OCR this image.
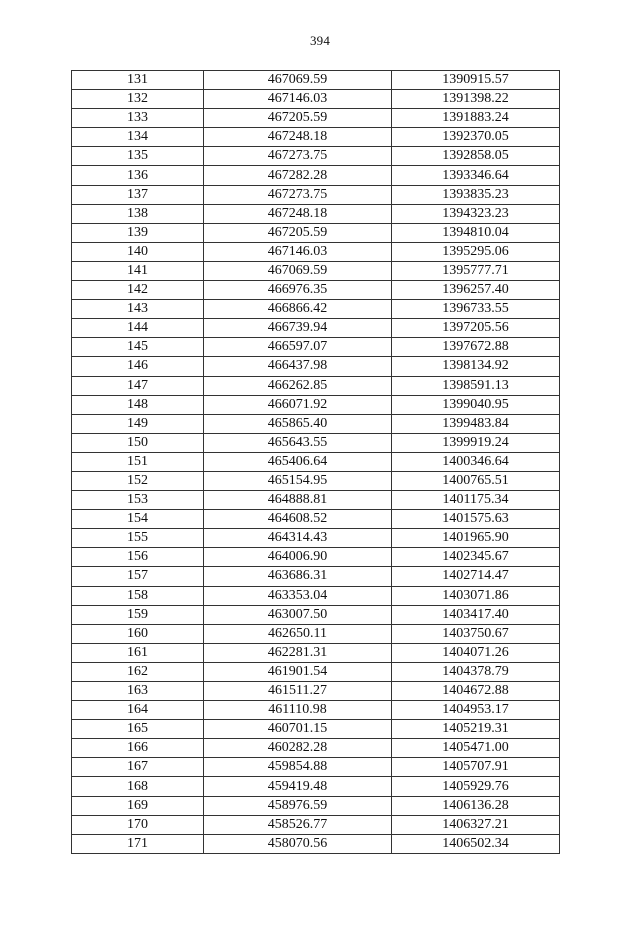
394
131	467069.59	1390915.57
132	467146.03	1391398.22
133	467205.59	1391883.24
134	467248.18	1392370.05
135	467273.75	1392858.05
136	467282.28	1393346.64
137	467273.75	1393835.23
138	467248.18	1394323.23
139	467205.59	1394810.04
140	467146.03	1395295.06
141	467069.59	1395777.71
142	466976.35	1396257.40
143	466866.42	1396733.55
144	466739.94	1397205.56
145	466597.07	1397672.88
146	466437.98	1398134.92
147	466262.85	1398591.13
148	466071.92	1399040.95
149	465865.40	1399483.84
150	465643.55	1399919.24
151	465406.64	1400346.64
152	465154.95	1400765.51
153	464888.81	1401175.34
154	464608.52	1401575.63
155	464314.43	1401965.90
156	464006.90	1402345.67
157	463686.31	1402714.47
158	463353.04	1403071.86
159	463007.50	1403417.40
160	462650.11	1403750.67
161	462281.31	1404071.26
162	461901.54	1404378.79
163	461511.27	1404672.88
164	461110.98	1404953.17
165	460701.15	1405219.31
166	460282.28	1405471.00
167	459854.88	1405707.91
168	459419.48	1405929.76
169	458976.59	1406136.28
170	458526.77	1406327.21
171	458070.56	1406502.34
